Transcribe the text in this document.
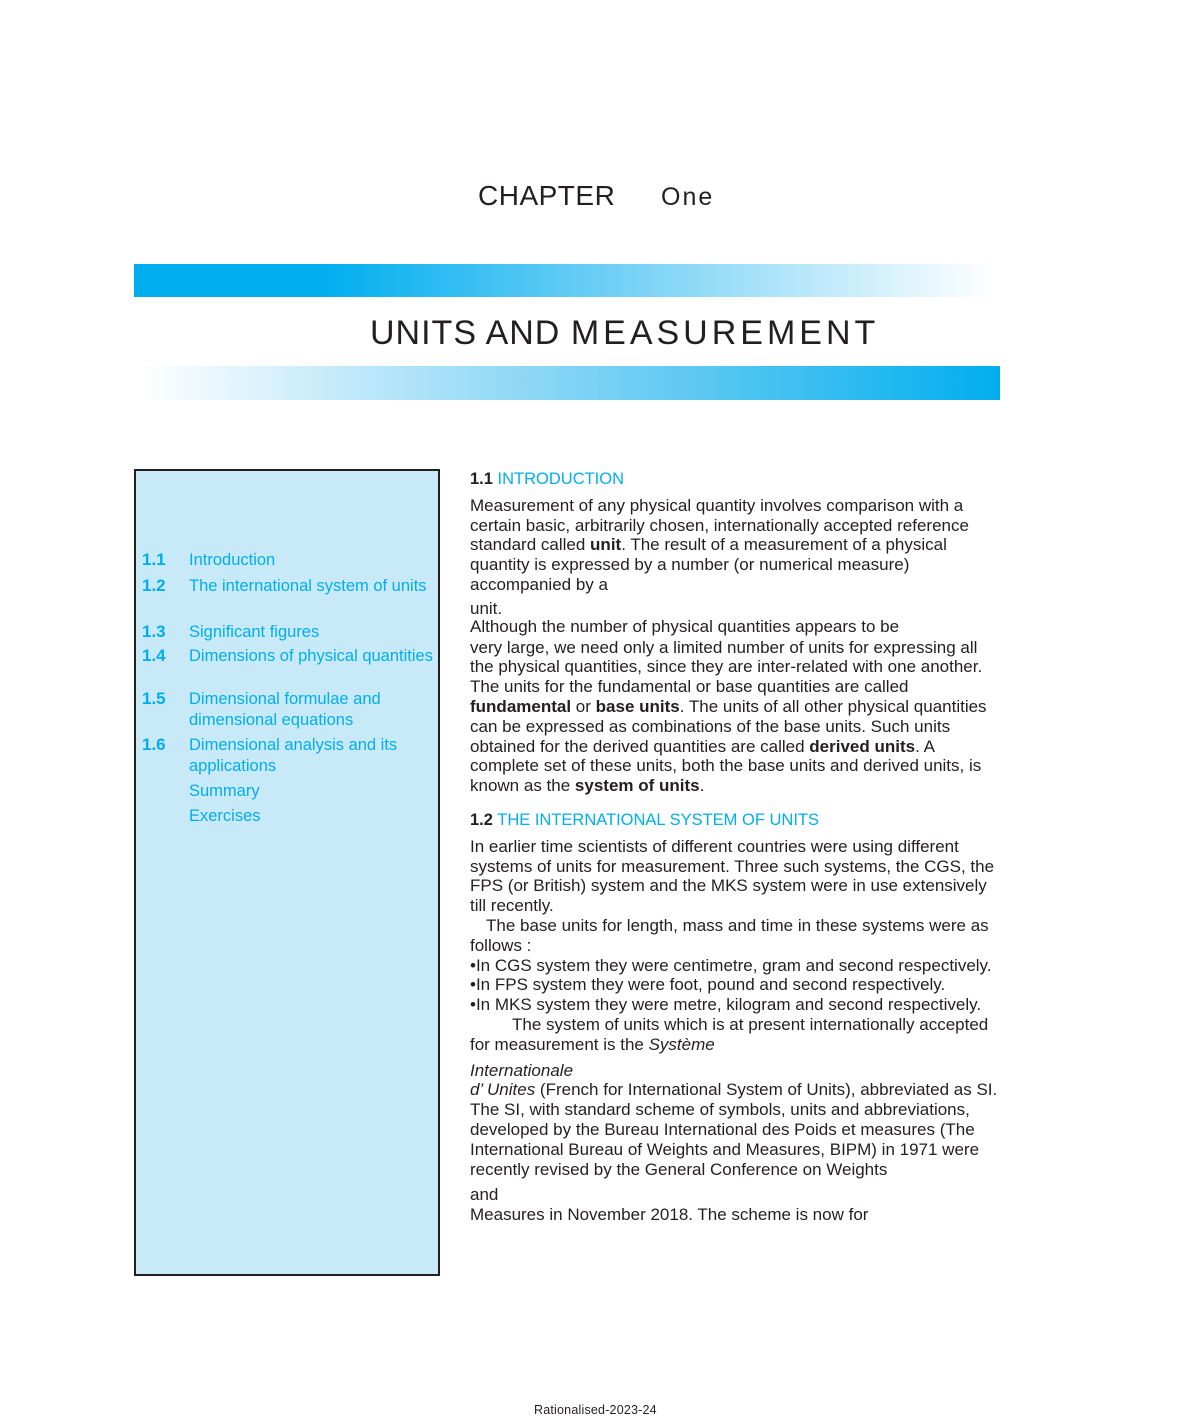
CHAPTER One
UNITS AND MEASUREMENT
1.1 Introduction
1.2 The international system of units
1.3 Significant figures
1.4 Dimensions of physical quantities
1.5 Dimensional formulae and dimensional equations
1.6 Dimensional analysis and its applications
Summary
Exercises
1.1 INTRODUCTION

Measurement of any physical quantity involves comparison with a certain basic, arbitrarily chosen, internationally accepted reference standard called unit. The result of a measurement of a physical quantity is expressed by a number (or numerical measure) accompanied by a

unit.

Although the number of physical quantities appears to be

very large, we need only a limited number of units for expressing all the physical quantities, since they are inter-related with one another. The units for the fundamental or base quantities are called fundamental or base units. The units of all other physical quantities can be expressed as combinations of the base units. Such units obtained for the derived quantities are called derived units. A complete set of these units, both the base units and derived units, is known as the system of units.

1.2 THE INTERNATIONAL SYSTEM OF UNITS

In earlier time scientists of different countries were using different systems of units for measurement. Three such systems, the CGS, the FPS (or British) system and the MKS system were in use extensively till recently.

The base units for length, mass and time in these systems were as follows :

•In CGS system they were centimetre, gram and second respectively.

•In FPS system they were foot, pound and second respectively.

•In MKS system they were metre, kilogram and second respectively.

The system of units which is at present internationally accepted for measurement is the Système

Internationale

d’ Unites (French for International System of Units), abbreviated as SI. The SI, with standard scheme of symbols, units and abbreviations, developed by the Bureau International des Poids et measures (The International Bureau of Weights and Measures, BIPM) in 1971 were recently revised by the General Conference on Weights

and

Measures in November 2018. The scheme is now for

Rationalised-2023-24
